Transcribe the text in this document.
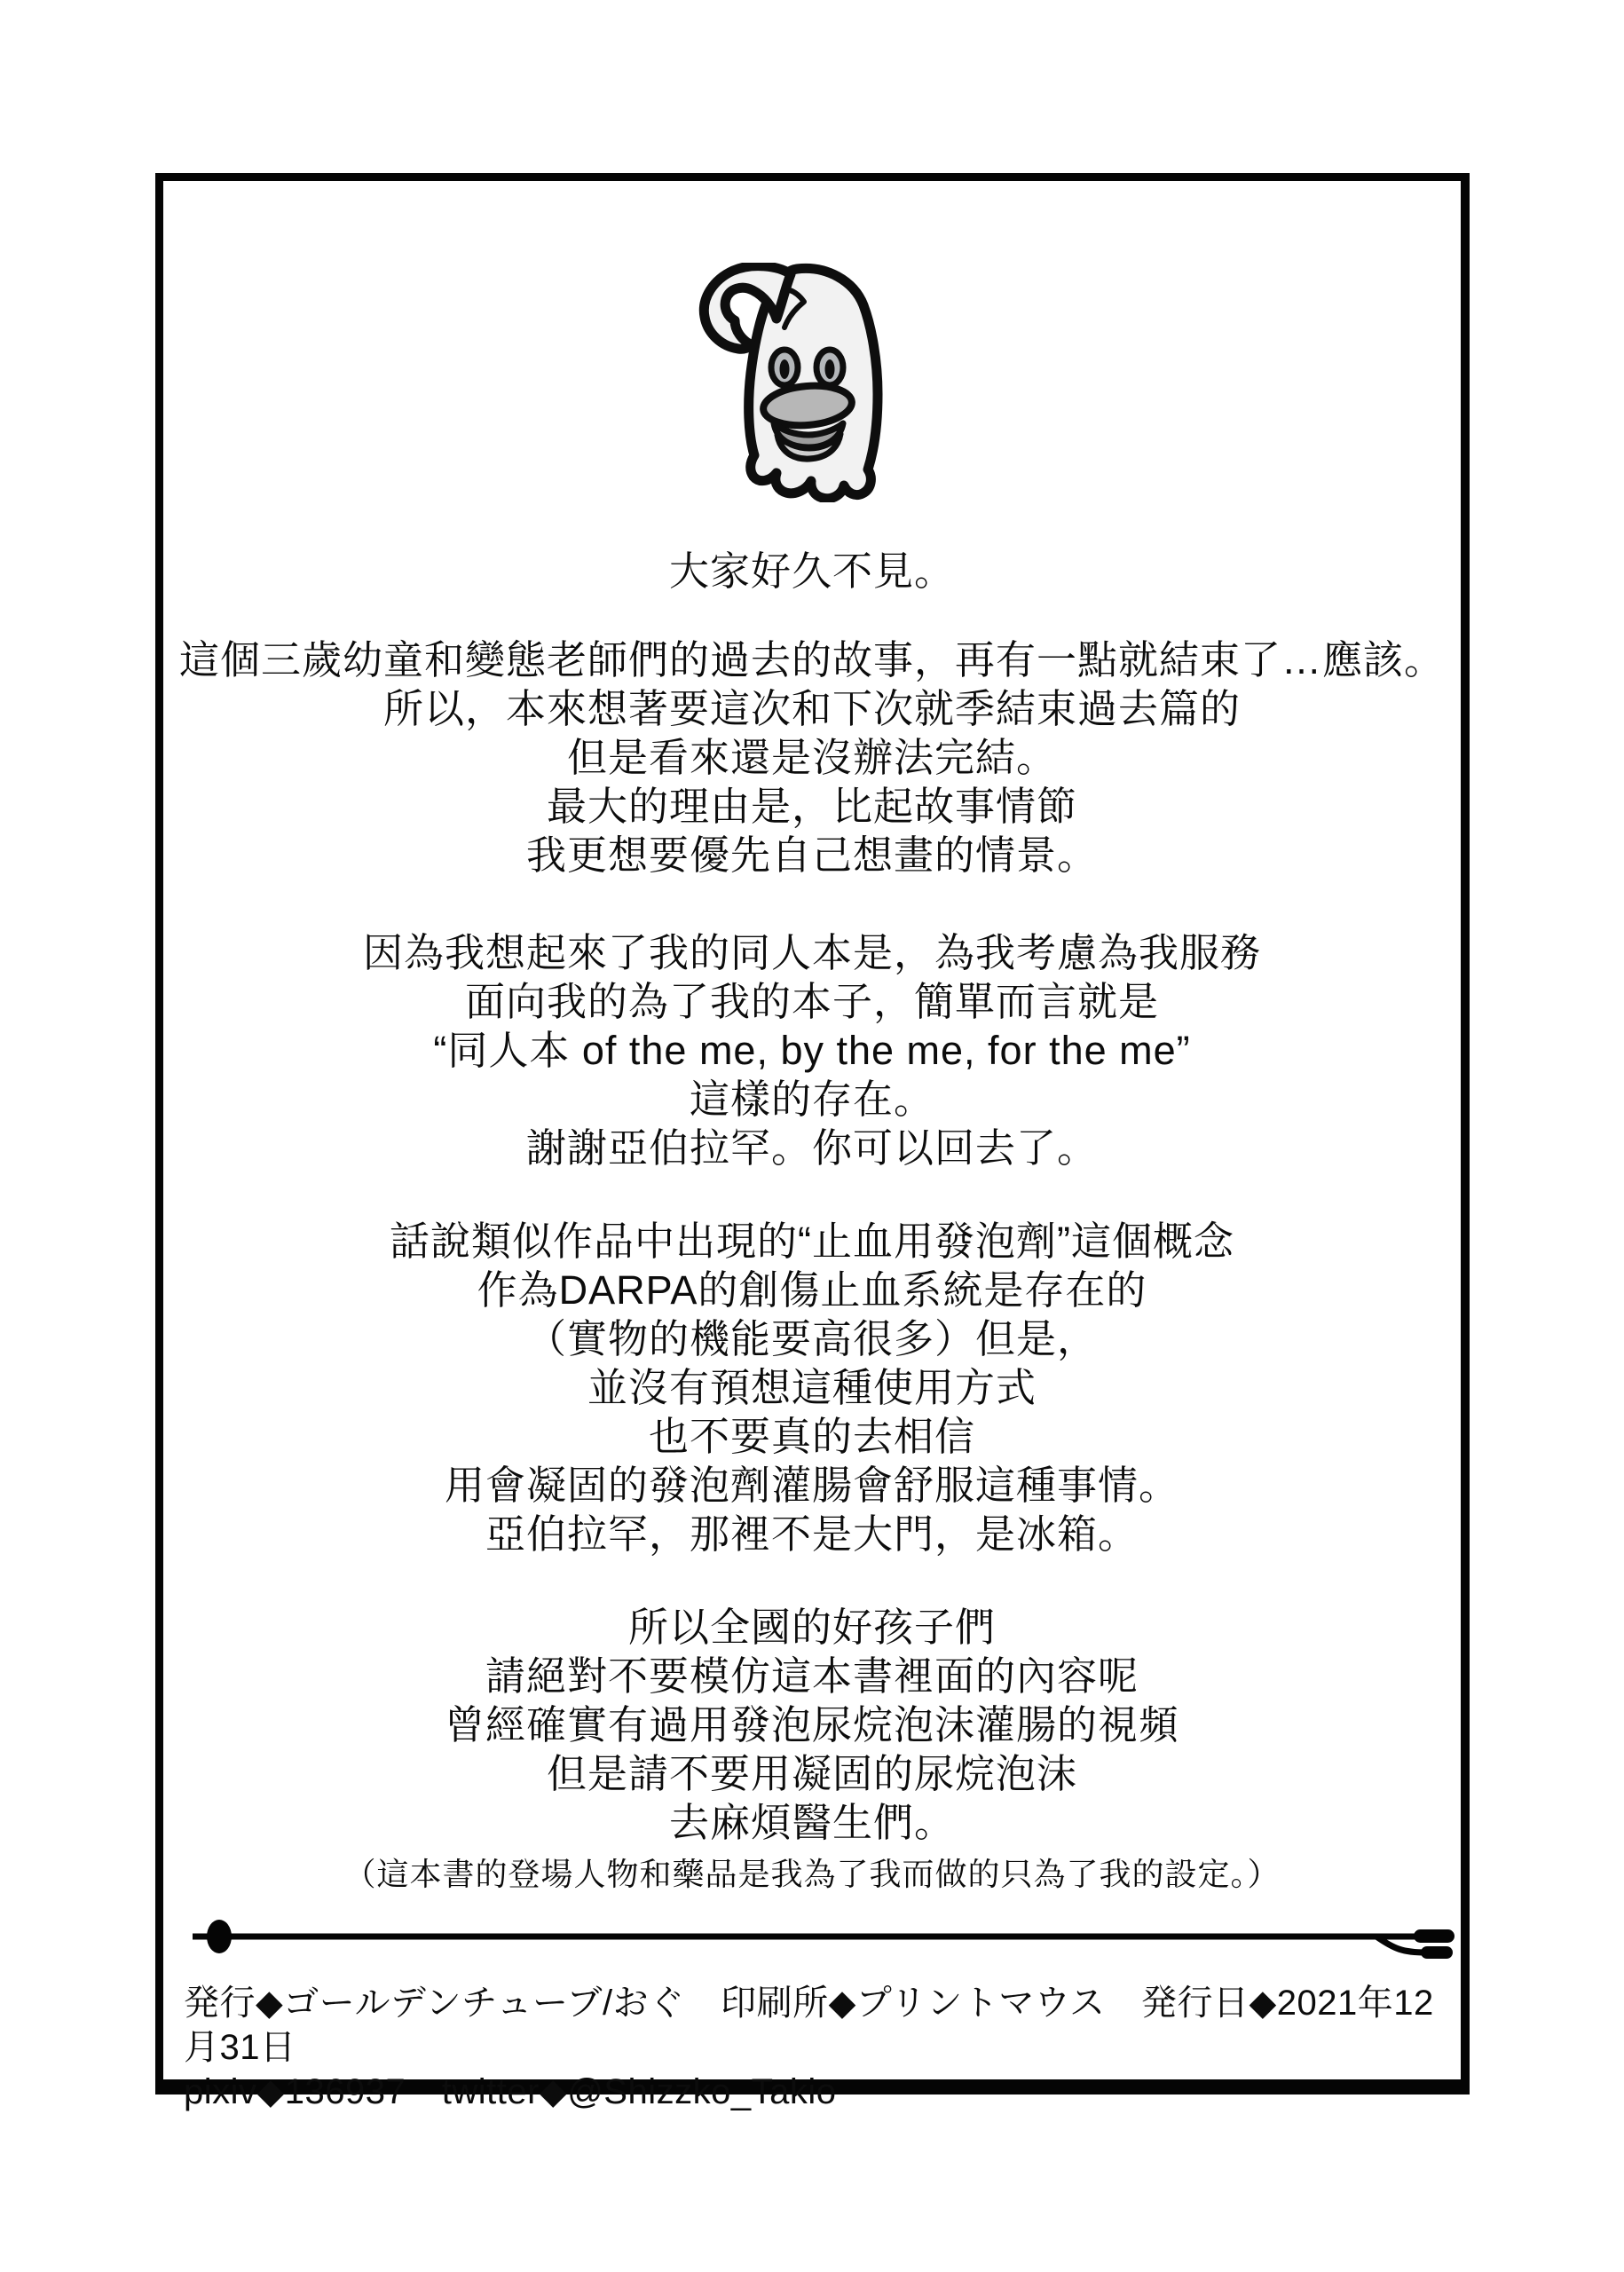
大家好久不見。
這個三歲幼童和變態老師們的過去的故事，再有一點就結束了…應該。
所以，本來想著要這次和下次就季結束過去篇的
但是看來還是沒辦法完結。
最大的理由是，比起故事情節
我更想要優先自己想畫的情景。
因為我想起來了我的同人本是，為我考慮為我服務
面向我的為了我的本子，簡單而言就是
“同人本 of the me, by the me, for the me”
這樣的存在。
謝謝亞伯拉罕。你可以回去了。
話說類似作品中出現的“止血用發泡劑”這個概念
作為DARPA的創傷止血系統是存在的
（實物的機能要高很多）但是，
並沒有預想這種使用方式
也不要真的去相信
用會凝固的發泡劑灌腸會舒服這種事情。
亞伯拉罕，那裡不是大門，是冰箱。
所以全國的好孩子們
請絕對不要模仿這本書裡面的內容呢
曾經確實有過用發泡尿烷泡沫灌腸的視頻
但是請不要用凝固的尿烷泡沫
去麻煩醫生們。
（這本書的登場人物和藥品是我為了我而做的只為了我的設定。）
発行◆ゴールデンチューブ/おぐ　印刷所◆プリントマウス　発行日◆2021年12月31日
pixiv◆136937　twitter◆@Shizzko_Takio
